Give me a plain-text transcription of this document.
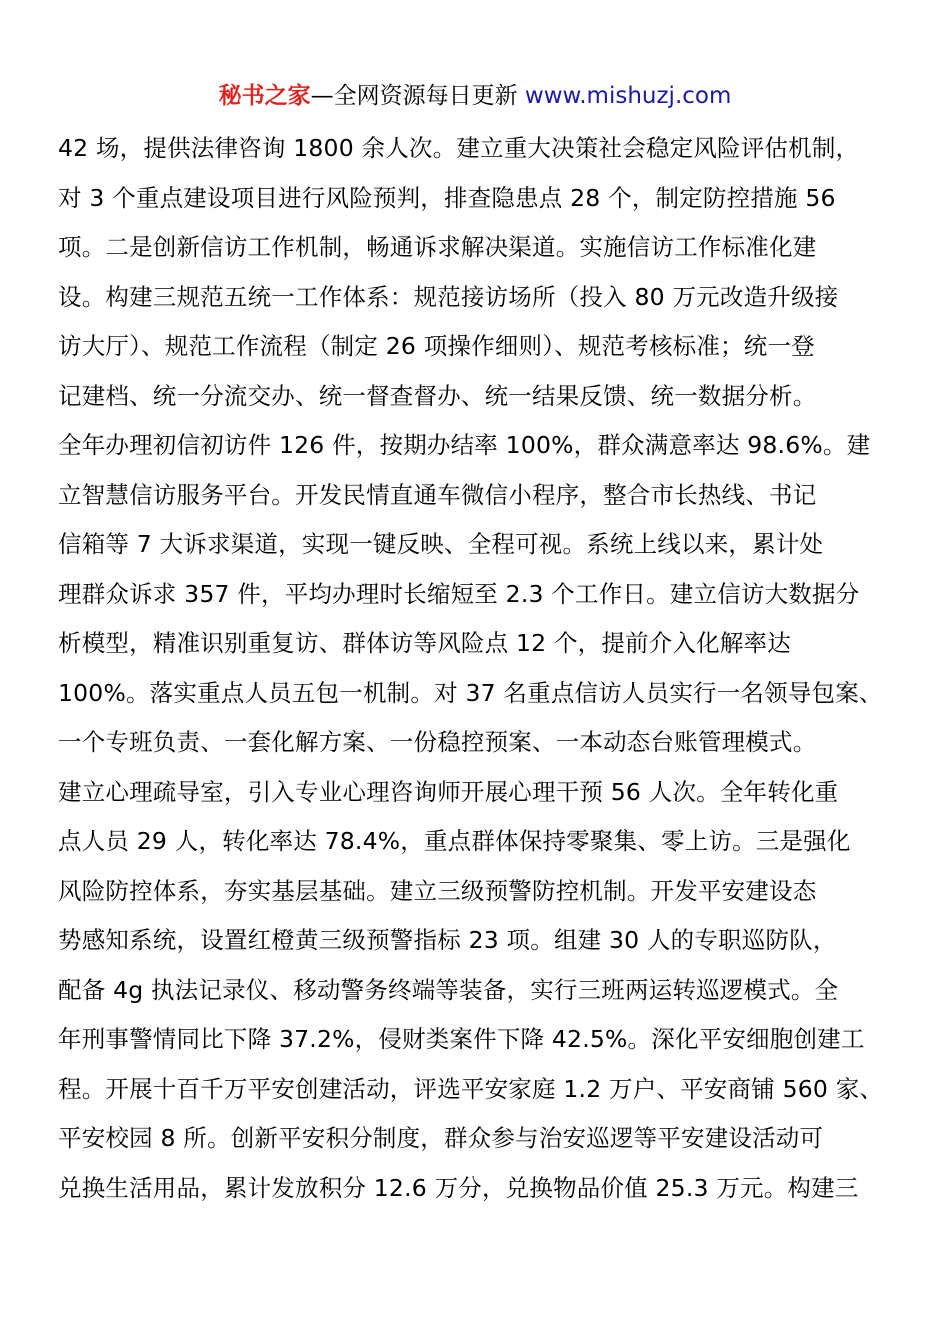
秘书之家—全网资源每日更新 www.mishuzj.com
42 场，提供法律咨询 1800 余人次。建立重大决策社会稳定风险评估机制，
对 3 个重点建设项目进行风险预判，排查隐患点 28 个，制定防控措施 56
项。二是创新信访工作机制，畅通诉求解决渠道。实施信访工作标准化建
设。构建三规范五统一工作体系：规范接访场所（投入 80 万元改造升级接
访大厅）、规范工作流程（制定 26 项操作细则）、规范考核标准；统一登
记建档、统一分流交办、统一督查督办、统一结果反馈、统一数据分析。
全年办理初信初访件 126 件，按期办结率 100%，群众满意率达 98.6%。建
立智慧信访服务平台。开发民情直通车微信小程序，整合市长热线、书记
信箱等 7 大诉求渠道，实现一键反映、全程可视。系统上线以来，累计处
理群众诉求 357 件，平均办理时长缩短至 2.3 个工作日。建立信访大数据分
析模型，精准识别重复访、群体访等风险点 12 个，提前介入化解率达
100%。落实重点人员五包一机制。对 37 名重点信访人员实行一名领导包案、
一个专班负责、一套化解方案、一份稳控预案、一本动态台账管理模式。
建立心理疏导室，引入专业心理咨询师开展心理干预 56 人次。全年转化重
点人员 29 人，转化率达 78.4%，重点群体保持零聚集、零上访。三是强化
风险防控体系，夯实基层基础。建立三级预警防控机制。开发平安建设态
势感知系统，设置红橙黄三级预警指标 23 项。组建 30 人的专职巡防队，
配备 4g 执法记录仪、移动警务终端等装备，实行三班两运转巡逻模式。全
年刑事警情同比下降 37.2%，侵财类案件下降 42.5%。深化平安细胞创建工
程。开展十百千万平安创建活动，评选平安家庭 1.2 万户、平安商铺 560 家、
平安校园 8 所。创新平安积分制度，群众参与治安巡逻等平安建设活动可
兑换生活用品，累计发放积分 12.6 万分，兑换物品价值 25.3 万元。构建三
